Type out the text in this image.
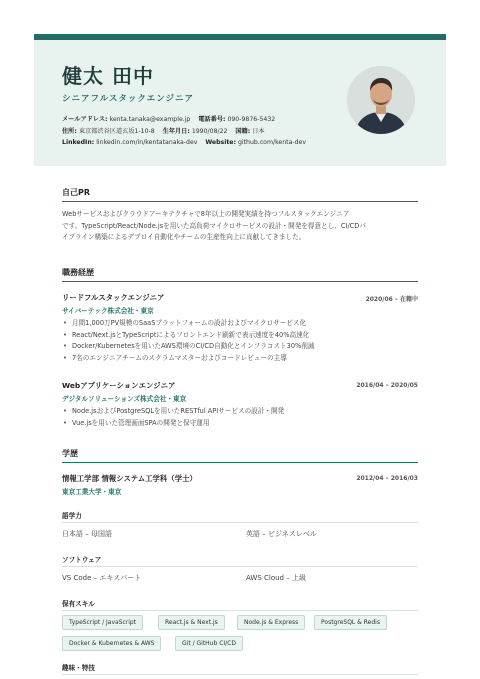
健太 田中
シニアフルスタックエンジニア
メールアドレス: kenta.tanaka@example.jp 電話番号: 090-9876-5432
住所: 東京都渋谷区道玄坂1-10-8 生年月日: 1990/08/22 国籍: 日本
LinkedIn: linkedin.com/in/kentatanaka-dev Website: github.com/kenta-dev
自己PR
Webサービスおよびクラウドアーキテクチャで8年以上の開発実績を持つフルスタックエンジニア
です。TypeScript/React/Node.jsを用いた高負荷マイクロサービスの設計・開発を得意とし、CI/CDパ
イプライン構築によるデプロイ自動化やチームの生産性向上に貢献してきました。
職務経歴
リードフルスタックエンジニア	2020/06 – 在籍中
サイバーテック株式会社・東京
• 月間1,000万PV規模のSaaSプラットフォームの設計およびマイクロサービス化
• React/Next.jsとTypeScriptによるフロントエンド刷新で表示速度を40%高速化
• Docker/Kubernetesを用いたAWS環境のCI/CD自動化とインフラコスト30%削減
• 7名のエンジニアチームのスクラムマスターおよびコードレビューの主導
Webアプリケーションエンジニア	2016/04 – 2020/05
デジタルソリューションズ株式会社・東京
• Node.jsおよびPostgreSQLを用いたRESTful APIサービスの設計・開発
• Vue.jsを用いた管理画面SPAの開発と保守運用
学歴
情報工学部 情報システム工学科（学士）	2012/04 – 2016/03
東京工業大学・東京
語学力
日本語 – 母国語	英語 – ビジネスレベル
ソフトウェア
VS Code – エキスパート	AWS Cloud – 上級
保有スキル
TypeScript / JavaScript	React.js & Next.js	Node.js & Express	PostgreSQL & Redis
Docker & Kubernetes & AWS	Git / GitHub CI/CD
趣味・特技
